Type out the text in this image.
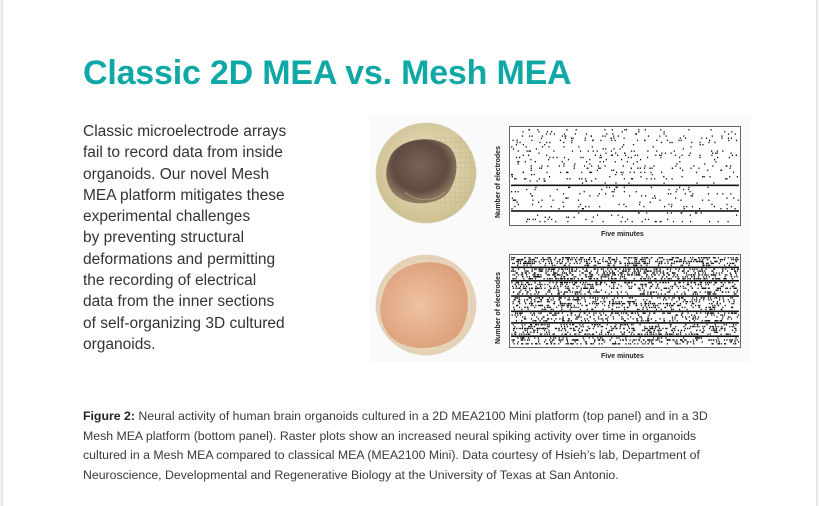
Classic 2D MEA vs. Mesh MEA
Classic microelectrode arrays
fail to record data from inside
organoids. Our novel Mesh
MEA platform mitigates these
experimental challenges
by preventing structural
deformations and permitting
the recording of electrical
data from the inner sections
of self-organizing 3D cultured
organoids.
Number of electrodes
Five minutes
Number of electrodes
Five minutes
Figure 2: Neural activity of human brain organoids cultured in a 2D MEA2100 Mini platform (top panel) and in a 3D
Mesh MEA platform (bottom panel). Raster plots show an increased neural spiking activity over time in organoids
cultured in a Mesh MEA compared to classical MEA (MEA2100 Mini). Data courtesy of Hsieh’s lab, Department of
Neuroscience, Developmental and Regenerative Biology at the University of Texas at San Antonio.
